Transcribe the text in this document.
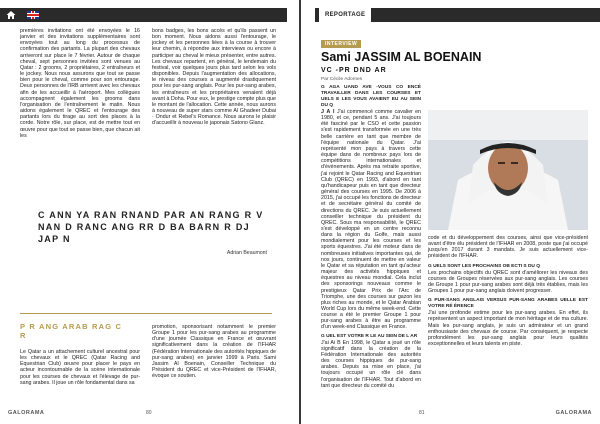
premières invitations ont été envoyées le 16 janvier et des invitations supplémentaires sont envoyées tout au long du processus de confirmation des partants. La plupart des chevaux arriveront sur place le 7 février. Autour de chaque cheval, sept personnes invitées sont venues au Qatar : 2 grooms, 2 propriétaires, 2 entraîneurs et le jockey. Nous nous assurons que tout se passe bien pour le cheval, comme pour son entourage. Deux personnes de l'IRB arrivent avec les chevaux afin de les accueillir à l'aéroport. Mes collègues accompagnent également les grooms dans l'organisation de l'entraînement le matin. Nous aidons également le QREC et l'entourage des partants lors du tirage au sort des places à la corde. Notre rôle, sur place, est de mettre tout en œuvre pour que tout se passe bien, que chacun ait les

bons badges, les bons accès et qu'ils passent un bon moment. Nous aidons aussi l'entourage, le jockey et les personnes liées à la course à trouver leur chemin, à répondre aux interviews ou encore à participer au cheval le mieux présenter, entre autres. Les chevaux repartent, en général, le lendemain du festival, voir quelques jours plus tard selon les vols disponibles. Depuis l'augmentation des allocations, le niveau des courses a augmenté drastiquement pour les pur-sang anglais. Pour les pur-sang arabes, les entraîneurs et les propriétaires venaient déjà avant à Doha. Pour eux, le prestige compte plus que le montant de l'allocation. Cette année, nous aurons à nouveau de super stars comme Al Ghadeer Dubai · Ondur et Rebel's Romance. Nous aurons le plaisir d'accueillir à nouveau le japonais Satono Glanz.

C ANN YA RAN RNAND PAR AN RANG R V NAN D RANC ANG RR D BA BARN R DJ JAP N

Adrian Beaumont

P R ANG ARAB RAG C R

Le Qatar a un attachement culturel ancestral pour les chevaux et le QREC (Qatar Racing and Equestrian Club) œuvre pour placer le pays en acteur incontournable de la scène internationale pour les courses de chevaux et l'élevage de pur-sang arabes. Il joue un rôle fondamental dans sa

promotion, sponsorisant notamment le premier Groupe 1 pour les pur-sang arabes au programme d'une journée Classique en France et œuvrant significativement dans la création de l'IFHAR (Fédération Internationale des autorités hippiques de pur-sang arabes) en janvier 1999 à Paris. Sami Jassim Al Boenain, Conseiller Technique du Président du QREC et vice-Président de l'IFHAR, évoque ce soutien.

GALORAMA	80
REPORTAGE
INTERVIEW
Sami JASSIM AL BOENAIN
VC -PR DND AR
Par Cécile Adornes
G AGA UAND AVE -VOUS CO ENCÉ TRAVAILLER DANS LES COURSES ET UELS E LES VOUS AVAIENT EU AU SEIN DU Q
J A I J'ai commencé comme cavalier en 1980, et ce, pendant 5 ans. J'ai toujours été fasciné par le CSO et cette passion s'est rapidement transformée en une très belle carrière en tant que membre de l'équipe nationale du Qatar. J'ai représenté mon pays à travers cette équipe dans de nombreux pays lors de compétitions internationales et d'événements. Après ma retraite sportive, j'ai rejoint le Qatar Racing and Equestrian Club (QREC) en 1993, d'abord en tant qu'handicapeur puis en tant que directeur général des courses en 1995. De 2006 à 2015, j'ai occupé les fonctions de directeur et de secrétaire général du comité de directions du QREC. Je suis actuellement conseiller technique du président du QREC. Sous ma responsabilité, le QREC s'est développé en un centre reconnu dans la région du Golfe, mais aussi mondialement pour les courses et les sports équestres. J'ai été moteur dans de nombreuses initiatives importantes qui, de nos jours, continuent de mettre en valeur le Qatar et sa réputation en tant qu'acteur majeur des activités hippiques et équestres au niveau mondial. Cela inclut des sponsorings nouveaux comme le prestigieux Qatar Prix de l'Arc de Triomphe, une des courses sur gazon les plus riches au monde, et le Qatar Arabian World Cup lors du même week-end. Cette course a été le premier Groupe 1 pour pur-sang arabes à être au programme d'un week-end Classique en France.
G UEL EST VOTRE R LE AU SEIN DE L AR
J'ai Ai B En 1998, le Qatar a joué un rôle significatif dans la création de la Fédération Internationale des autorités des courses hippiques de pur-sang arabes. Depuis sa mise en place, j'ai toujours occupé un rôle clé dans l'organisation de l'IFHAR. Tout d'abord en tant que directeur du comité du
code et du développement des courses, ainsi que vice-président avant d'être élu président de l'IFHAR en 2008, poste que j'ai occupé jusqu'en 2017 durant 3 mandats. Je suis actuellement vice-président de l'IFHAR.
G UELS SONT LES PROCHAINS OB ECTI S DU Q
Les prochains objectifs du QREC sont d'améliorer les niveaux des courses de Groupes réservées aux pur-sang anglais. Les courses de Groupe 1 pour pur-sang arabes sont déjà très établies, mais les Groupes 1 pour pur-sang anglais doivent progresser.
G PUR-SANG ANGLAIS VERSUS PUR-SANG ARABES UELLE EST VOTRE RÉ ÉRENCE
J'ai une profonde estime pour les pur-sang arabes. En effet, ils représentent un aspect important de mon héritage et de ma culture. Mais les pur-sang anglais, je suis un admirateur et un grand enthousiaste des chevaux de course. Par conséquent, je respecte profondément les pur-sang anglais pour leurs qualités exceptionnelles et leurs talents en piste.
81	GALORAMA
